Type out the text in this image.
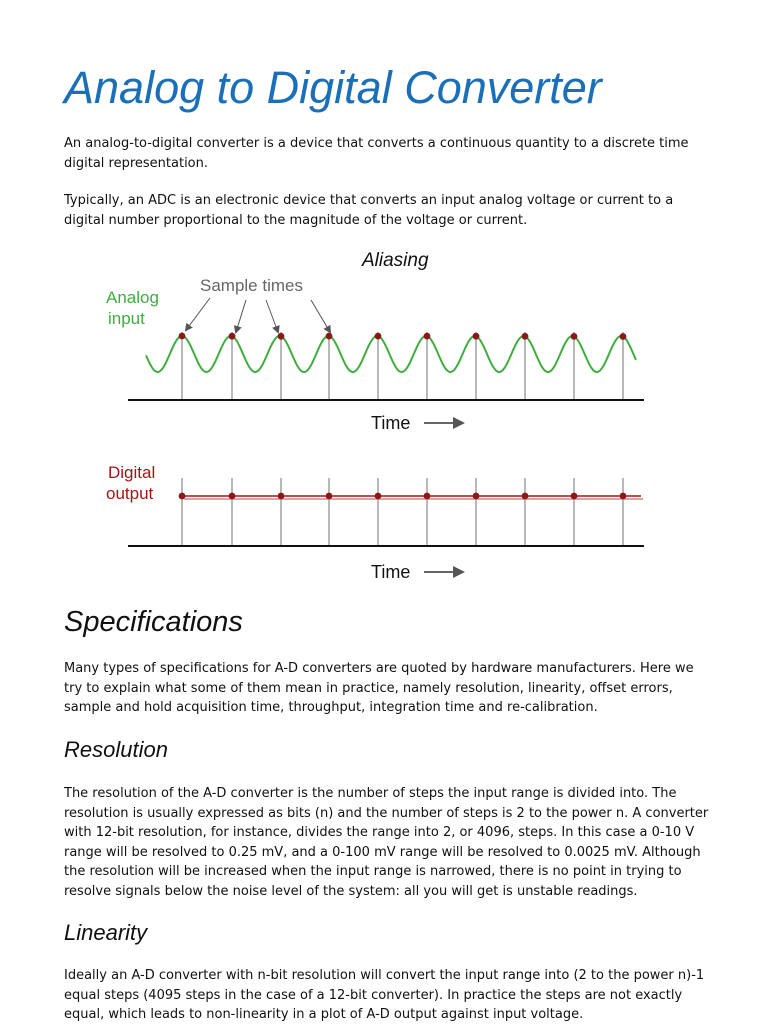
Analog to Digital Converter

An analog-to-digital converter is a device that converts a continuous quantity to a discrete time digital representation.

Typically, an ADC is an electronic device that converts an input analog voltage or current to a digital number proportional to the magnitude of the voltage or current.

Aliasing
Sample times
Analog
input
Time
Digital
output
Time
Specifications

Many types of specifications for A-D converters are quoted by hardware manufacturers. Here we try to explain what some of them mean in practice, namely resolution, linearity, offset errors, sample and hold acquisition time, throughput, integration time and re-calibration.

Resolution

The resolution of the A-D converter is the number of steps the input range is divided into. The resolution is usually expressed as bits (n) and the number of steps is 2 to the power n. A converter with 12-bit resolution, for instance, divides the range into 2, or 4096, steps. In this case a 0-10 V range will be resolved to 0.25 mV, and a 0-100 mV range will be resolved to 0.0025 mV. Although the resolution will be increased when the input range is narrowed, there is no point in trying to resolve signals below the noise level of the system: all you will get is unstable readings.

Linearity

Ideally an A-D converter with n-bit resolution will convert the input range into (2 to the power n)-1 equal steps (4095 steps in the case of a 12-bit converter). In practice the steps are not exactly equal, which leads to non-linearity in a plot of A-D output against input voltage.
